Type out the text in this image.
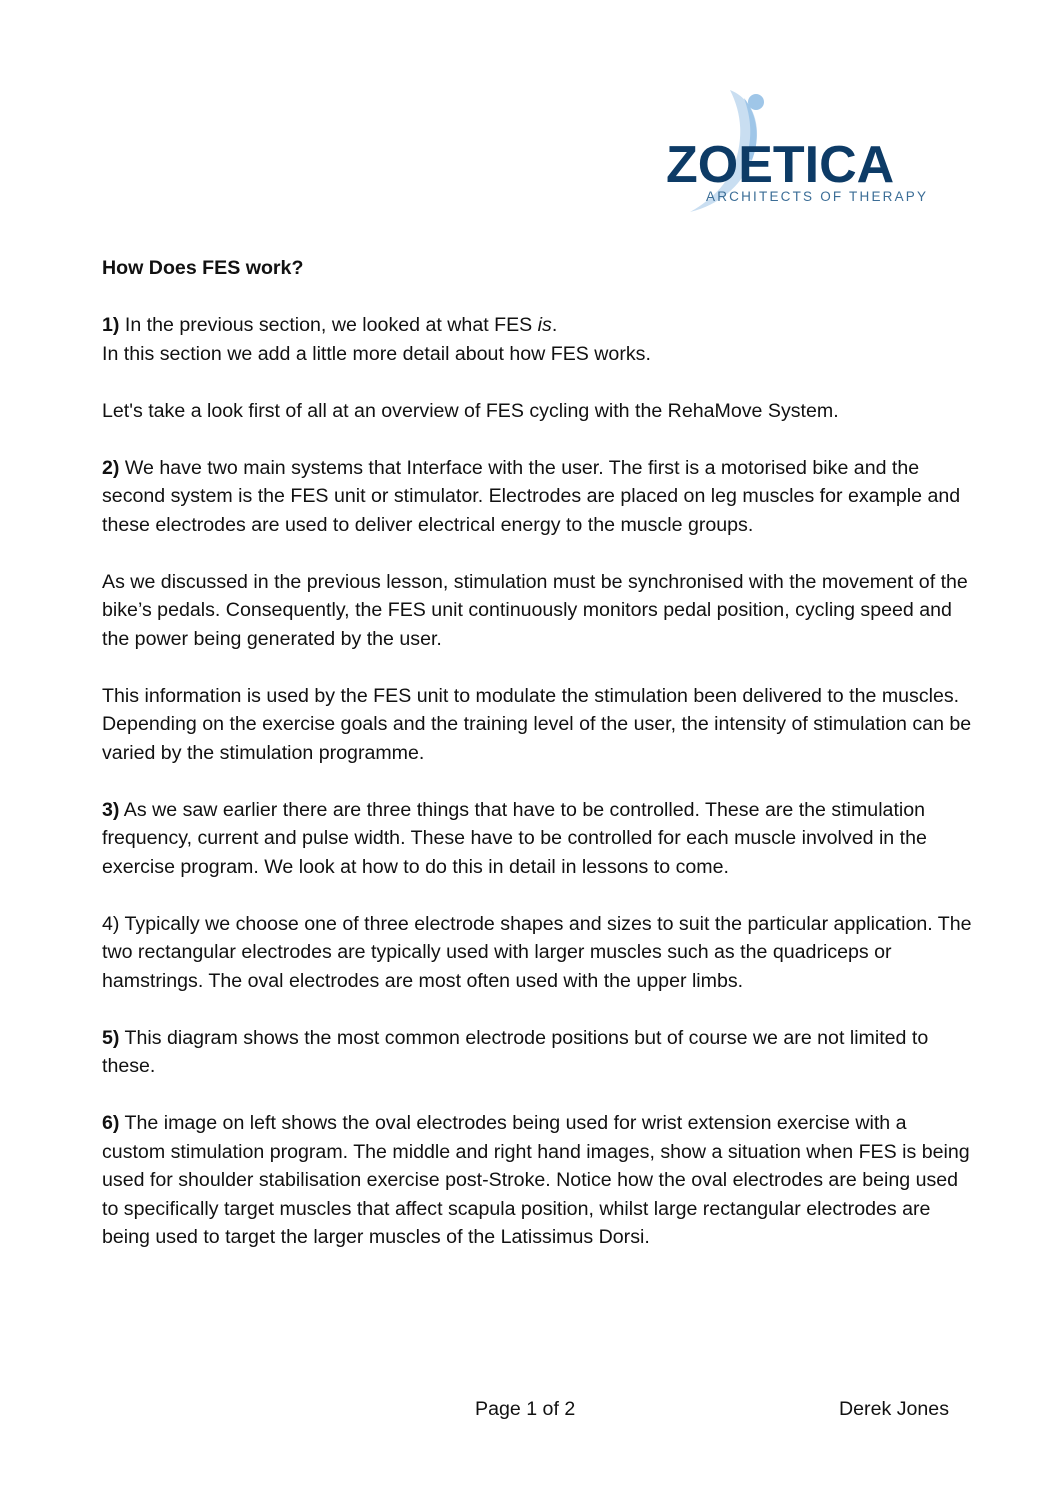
ZOETICA
ARCHITECTS OF THERAPY

How Does FES work?

1) In the previous section, we looked at what FES is.
In this section we add a little more detail about how FES works.

Let's take a look first of all at an overview of FES cycling with the RehaMove System.

2) We have two main systems that Interface with the user. The first is a motorised bike and the second system is the FES unit or stimulator. Electrodes are placed on leg muscles for example and these electrodes are used to deliver electrical energy to the muscle groups.

As we discussed in the previous lesson, stimulation must be synchronised with the movement of the bike’s pedals. Consequently, the FES unit continuously monitors pedal position, cycling speed and the power being generated by the user.

This information is used by the FES unit to modulate the stimulation been delivered to the muscles. Depending on the exercise goals and the training level of the user, the intensity of stimulation can be varied by the stimulation programme.

3) As we saw earlier there are three things that have to be controlled. These are the stimulation frequency, current and pulse width. These have to be controlled for each muscle involved in the exercise program. We look at how to do this in detail in lessons to come.

4) Typically we choose one of three electrode shapes and sizes to suit the particular application. The two rectangular electrodes are typically used with larger muscles such as the quadriceps or hamstrings. The oval electrodes are most often used with the upper limbs.

5) This diagram shows the most common electrode positions but of course we are not limited to these.

6) The image on left shows the oval electrodes being used for wrist extension exercise with a custom stimulation program. The middle and right hand images, show a situation when FES is being used for shoulder stabilisation exercise post-Stroke. Notice how the oval electrodes are being used to specifically target muscles that affect scapula position, whilst large rectangular electrodes are being used to target the larger muscles of the Latissimus Dorsi.

Page 1 of 2	Derek Jones
